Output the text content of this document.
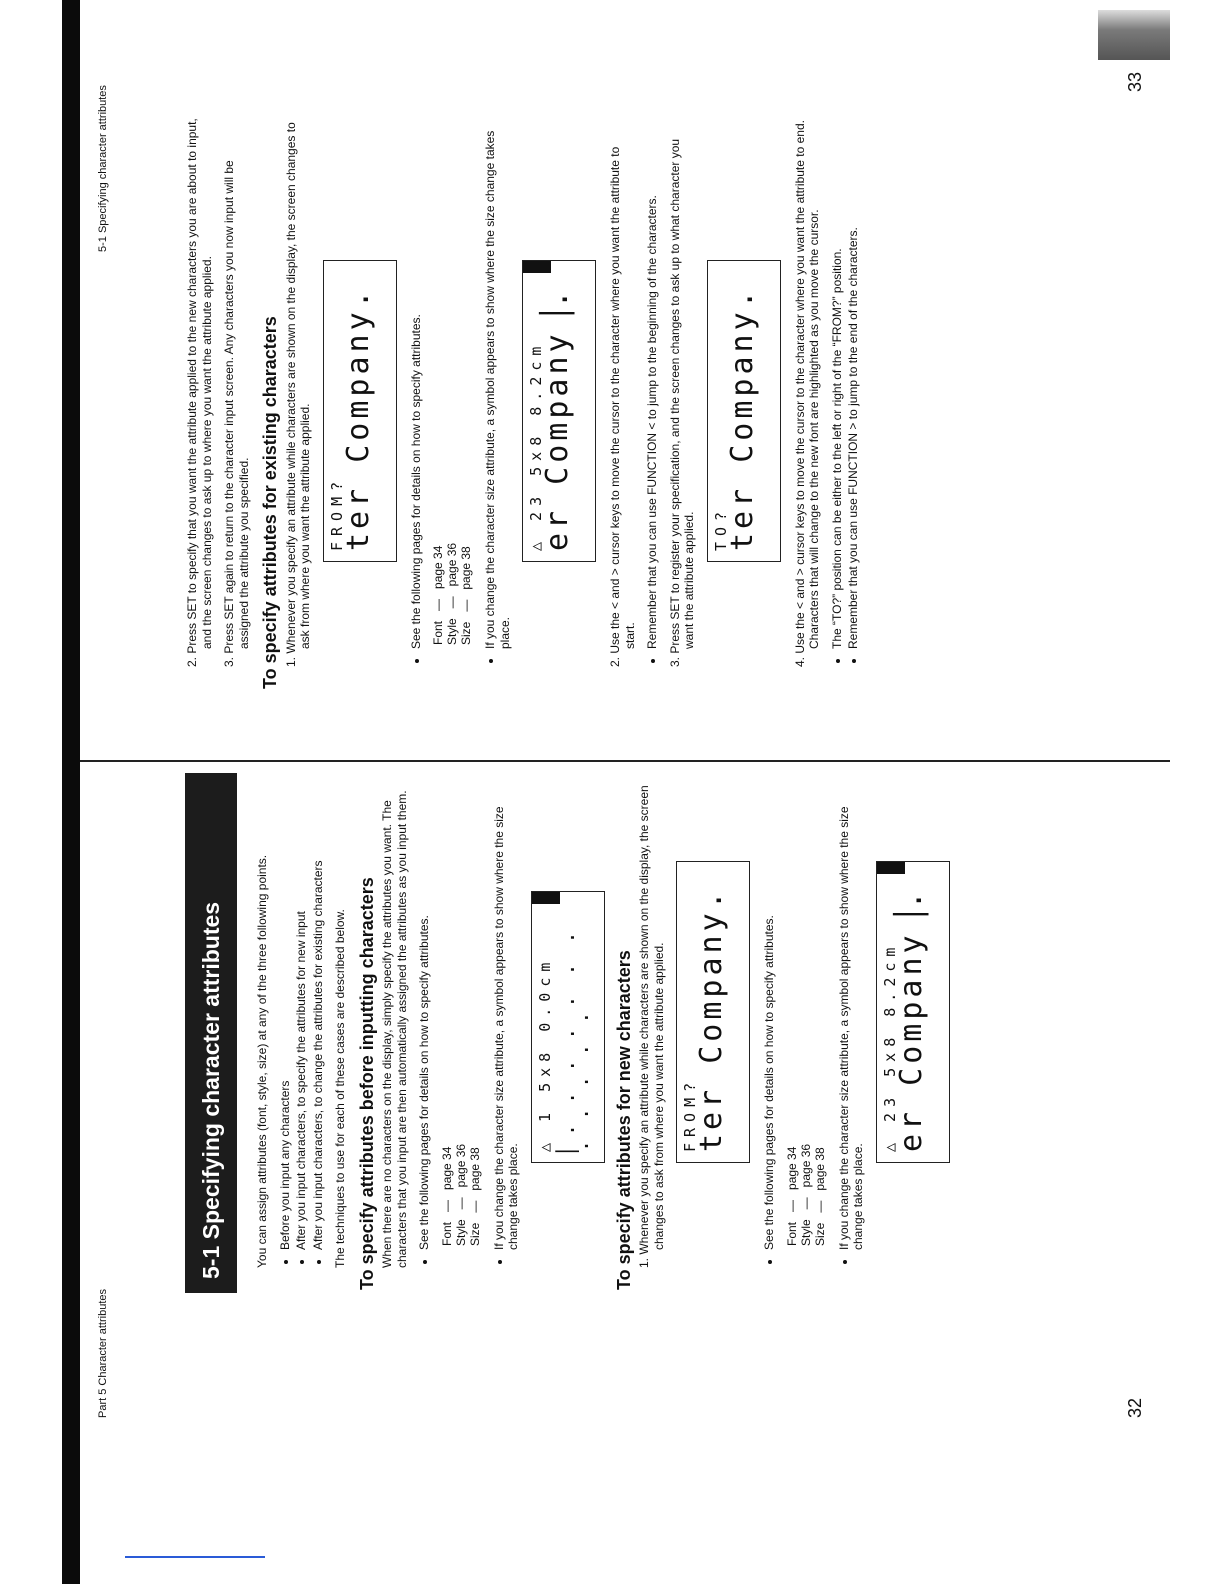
Part 5 Character attributes
5-1 Specifying character attributes	You can assign attributes (font, style, size) at any of the three following points. • Before you input any characters • After you input characters, to specify the attributes for new input • After you input characters, to change the attributes for existing characters The techniques to use for each of these cases are described below. To specify attributes before inputting characters When there are no characters on the display, simply specify the attributes you want. The characters that you input are then automatically assigned the attributes as you input them. • See the following pages for details on how to specify attributes. Font—page 34
Style—page 36
Size—page 38 • If you change the character size attribute, a symbol appears to show where the size change takes place.
△ 1 5x8 0.0cm ▏. . . . . . . . . . . .	To specify attributes for new characters 1. Whenever you specify an attribute while characters are shown on the display, the screen changes to ask from where you want the attribute applied. FROM?
ter Company.	• See the following pages for details on how to specify attributes. Font—page 34
Style—page 36
Size—page 38 • If you change the character size attribute, a symbol appears to show where the size change takes place.
△ 23 5x8 8.2cm
er Company▕.
32
5-1 Specifying character attributes	2. Press SET to specify that you want the attribute applied to the new characters you are about to input, and the screen changes to ask up to where you want the attribute applied. 3. Press SET again to return to the character input screen. Any characters you now input will be assigned the attribute you specified. To specify attributes for existing characters 1. Whenever you specify an attribute while characters are shown on the display, the screen changes to ask from where you want the attribute applied. FROM?
ter Company.	• See the following pages for details on how to specify attributes. Font—page 34
Style—page 36
Size—page 38 • If you change the character size attribute, a symbol appears to show where the size change takes place.
△ 23 5x8 8.2cm
er Company▕.	2. Use the < and > cursor keys to move the cursor to the character where you want the attribute to start. • Remember that you can use FUNCTION < to jump to the beginning of the characters. 3. Press SET to register your specification, and the screen changes to ask up to what character you want the attribute applied. TO?
ter Company.	4. Use the < and > cursor keys to move the cursor to the character where you want the attribute to end. Characters that will change to the new font are highlighted as you move the cursor. • The “TO?” position can be either to the left or right of the “FROM?” position. • Remember that you can use FUNCTION > to jump to the end of the characters.
33
